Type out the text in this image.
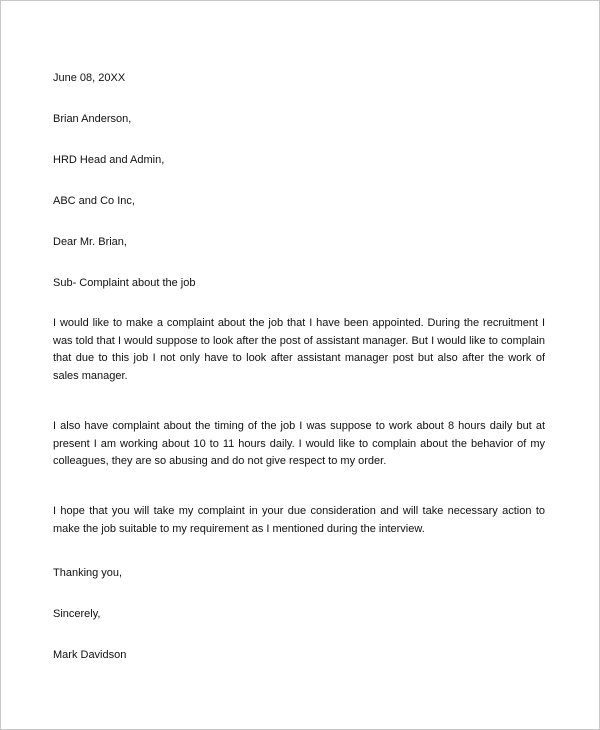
June 08, 20XX
Brian Anderson,
HRD Head and Admin,
ABC and Co Inc,
Dear Mr. Brian,
Sub- Complaint about the job
I would like to make a complaint about the job that I have been appointed. During the recruitment I was told that I would suppose to look after the post of assistant manager. But I would like to complain that due to this job I not only have to look after assistant manager post but also after the work of sales manager.
I also have complaint about the timing of the job I was suppose to work about 8 hours daily but at present I am working about 10 to 11 hours daily. I would like to complain about the behavior of my colleagues, they are so abusing and do not give respect to my order.
I hope that you will take my complaint in your due consideration and will take necessary action to make the job suitable to my requirement as I mentioned during the interview.
Thanking you,
Sincerely,
Mark Davidson
